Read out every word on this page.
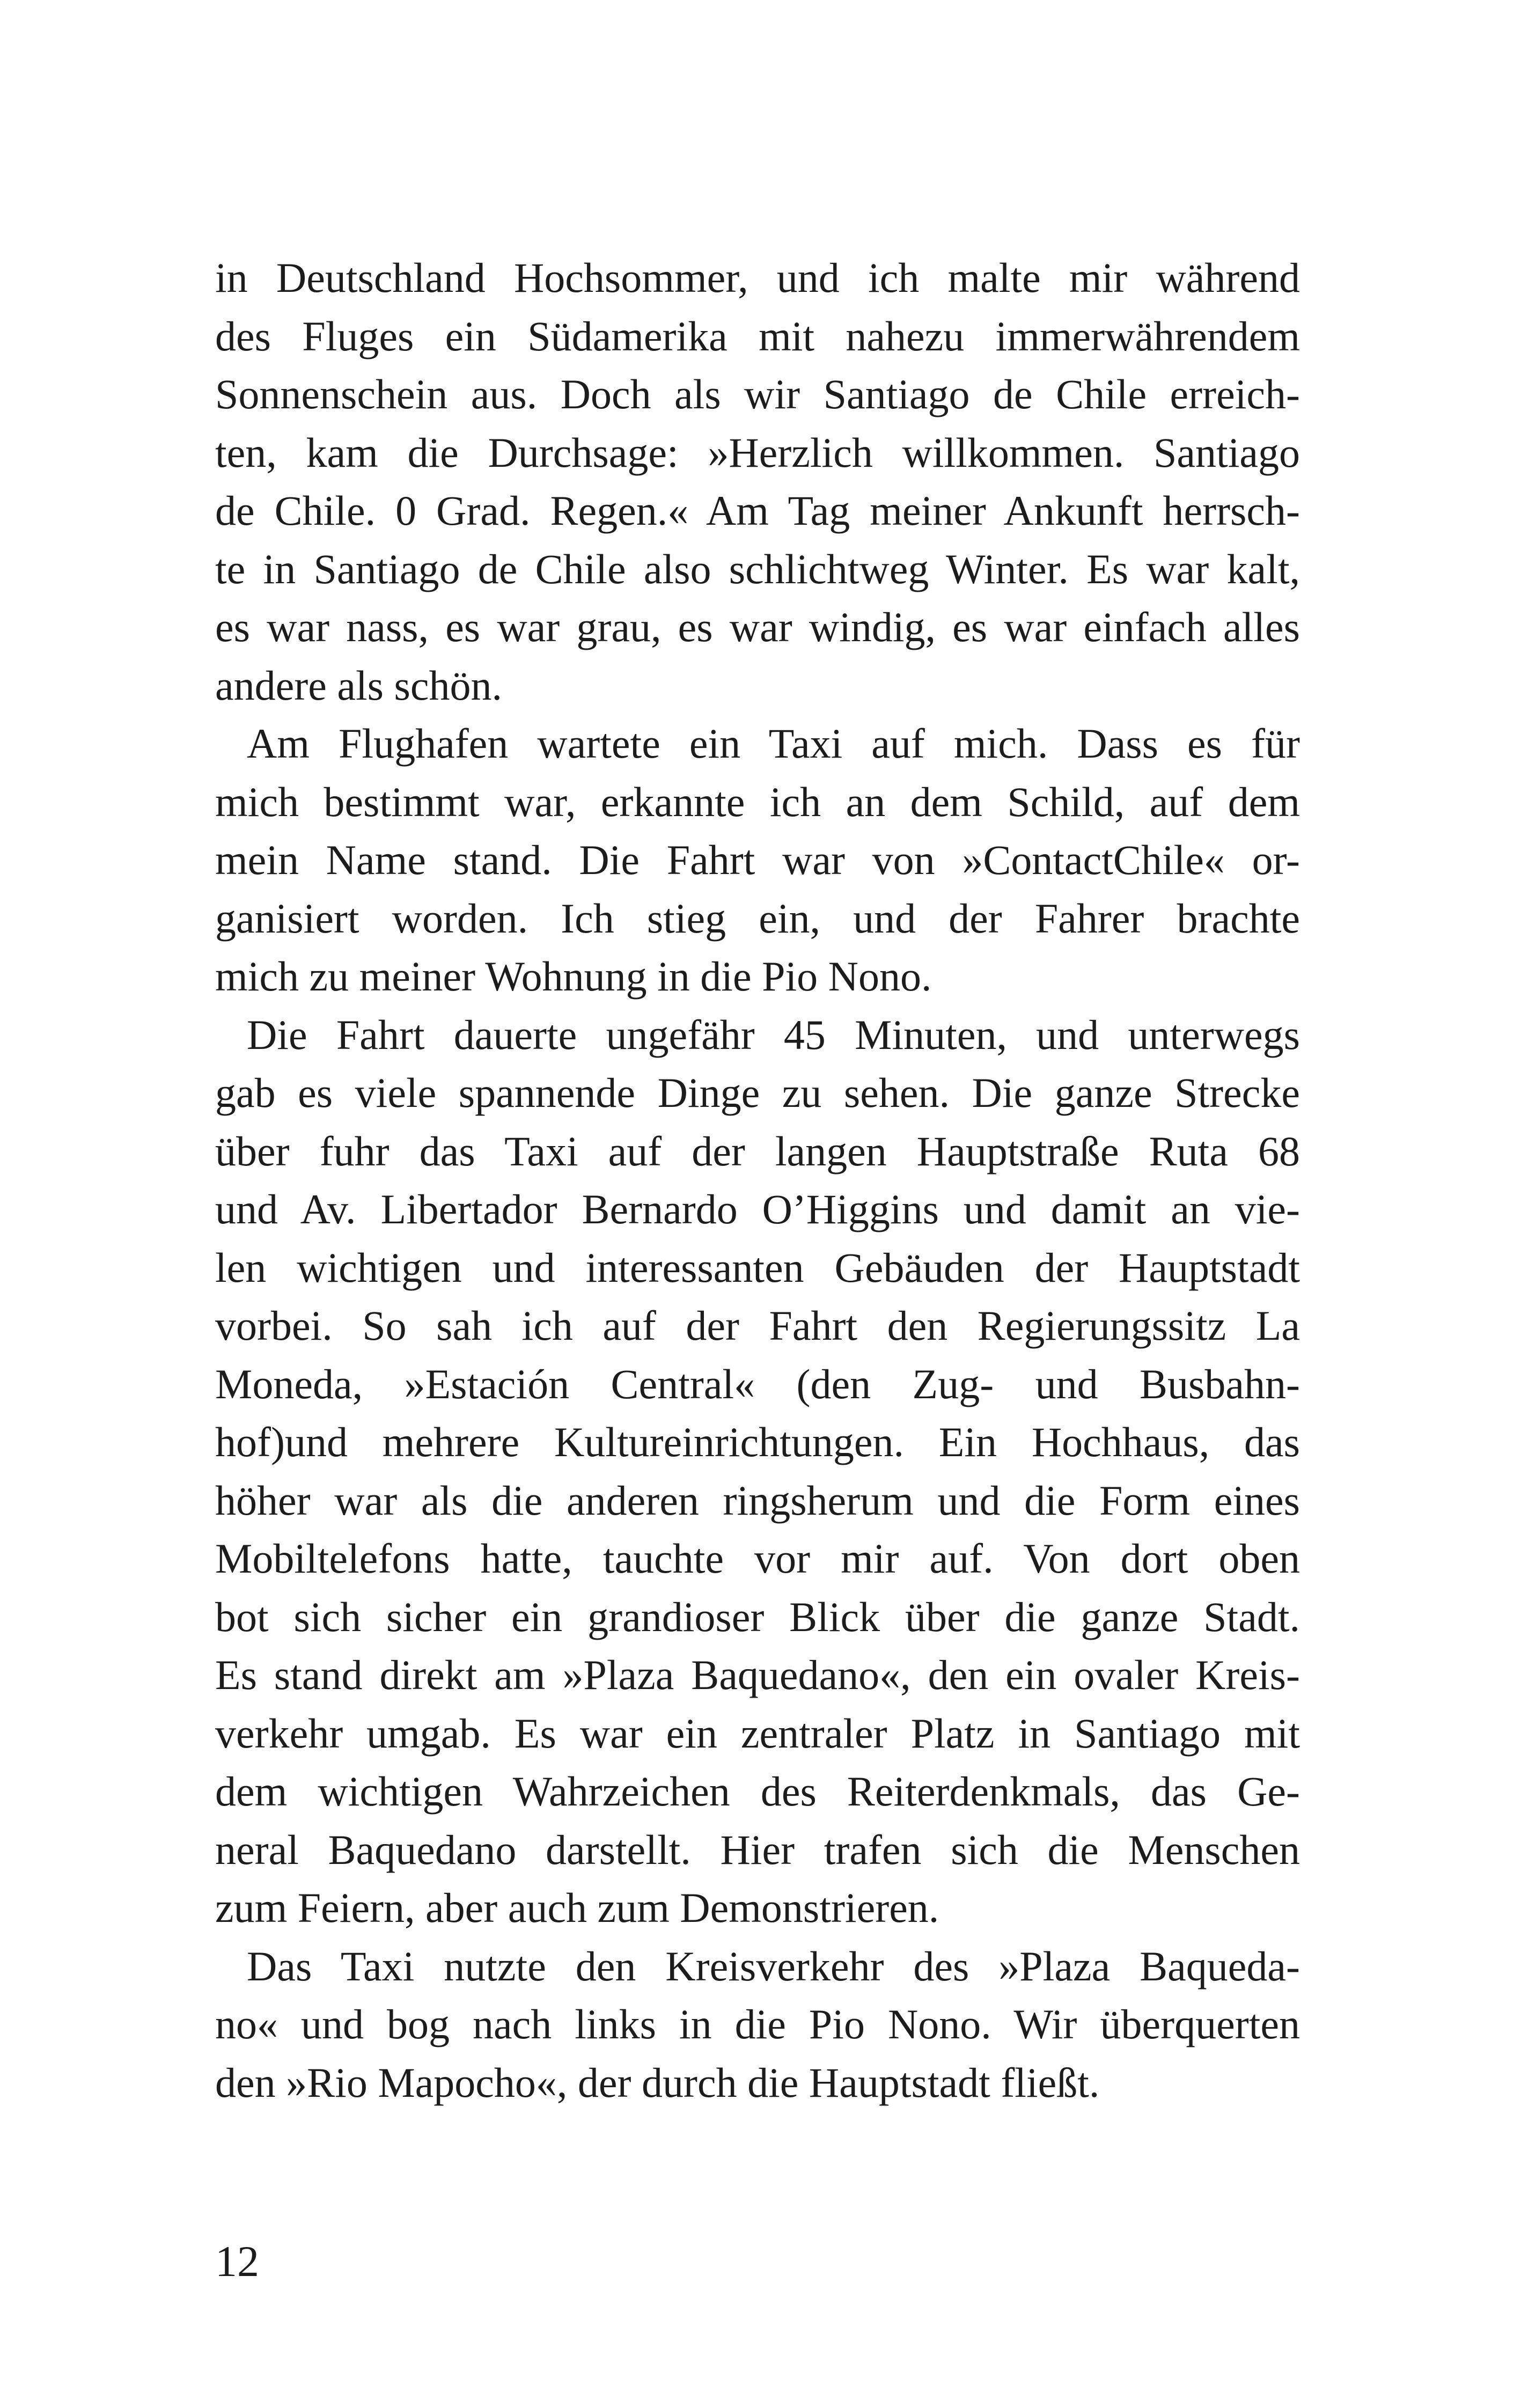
in Deutschland Hochsommer, und ich malte mir während
des Fluges ein Südamerika mit nahezu immerwährendem
Sonnenschein aus. Doch als wir Santiago de Chile erreich-
ten, kam die Durchsage: »Herzlich willkommen. Santiago
de Chile. 0 Grad. Regen.« Am Tag meiner Ankunft herrsch-
te in Santiago de Chile also schlichtweg Winter. Es war kalt,
es war nass, es war grau, es war windig, es war einfach alles
andere als schön.
Am Flughafen wartete ein Taxi auf mich. Dass es für
mich bestimmt war, erkannte ich an dem Schild, auf dem
mein Name stand. Die Fahrt war von »ContactChile« or-
ganisiert worden. Ich stieg ein, und der Fahrer brachte
mich zu meiner Wohnung in die Pio Nono.
Die Fahrt dauerte ungefähr 45 Minuten, und unterwegs
gab es viele spannende Dinge zu sehen. Die ganze Strecke
über fuhr das Taxi auf der langen Hauptstraße Ruta 68
und Av. Libertador Bernardo O’Higgins und damit an vie-
len wichtigen und interessanten Gebäuden der Hauptstadt
vorbei. So sah ich auf der Fahrt den Regierungssitz La
Moneda, »Estación Central« (den Zug- und Busbahn-
hof)und mehrere Kultureinrichtungen. Ein Hochhaus, das
höher war als die anderen ringsherum und die Form eines
Mobiltelefons hatte, tauchte vor mir auf. Von dort oben
bot sich sicher ein grandioser Blick über die ganze Stadt.
Es stand direkt am »Plaza Baquedano«, den ein ovaler Kreis-
verkehr umgab. Es war ein zentraler Platz in Santiago mit
dem wichtigen Wahrzeichen des Reiterdenkmals, das Ge-
neral Baquedano darstellt. Hier trafen sich die Menschen
zum Feiern, aber auch zum Demonstrieren.
Das Taxi nutzte den Kreisverkehr des »Plaza Baqueda-
no« und bog nach links in die Pio Nono. Wir überquerten
den »Rio Mapocho«, der durch die Hauptstadt fließt.
12
